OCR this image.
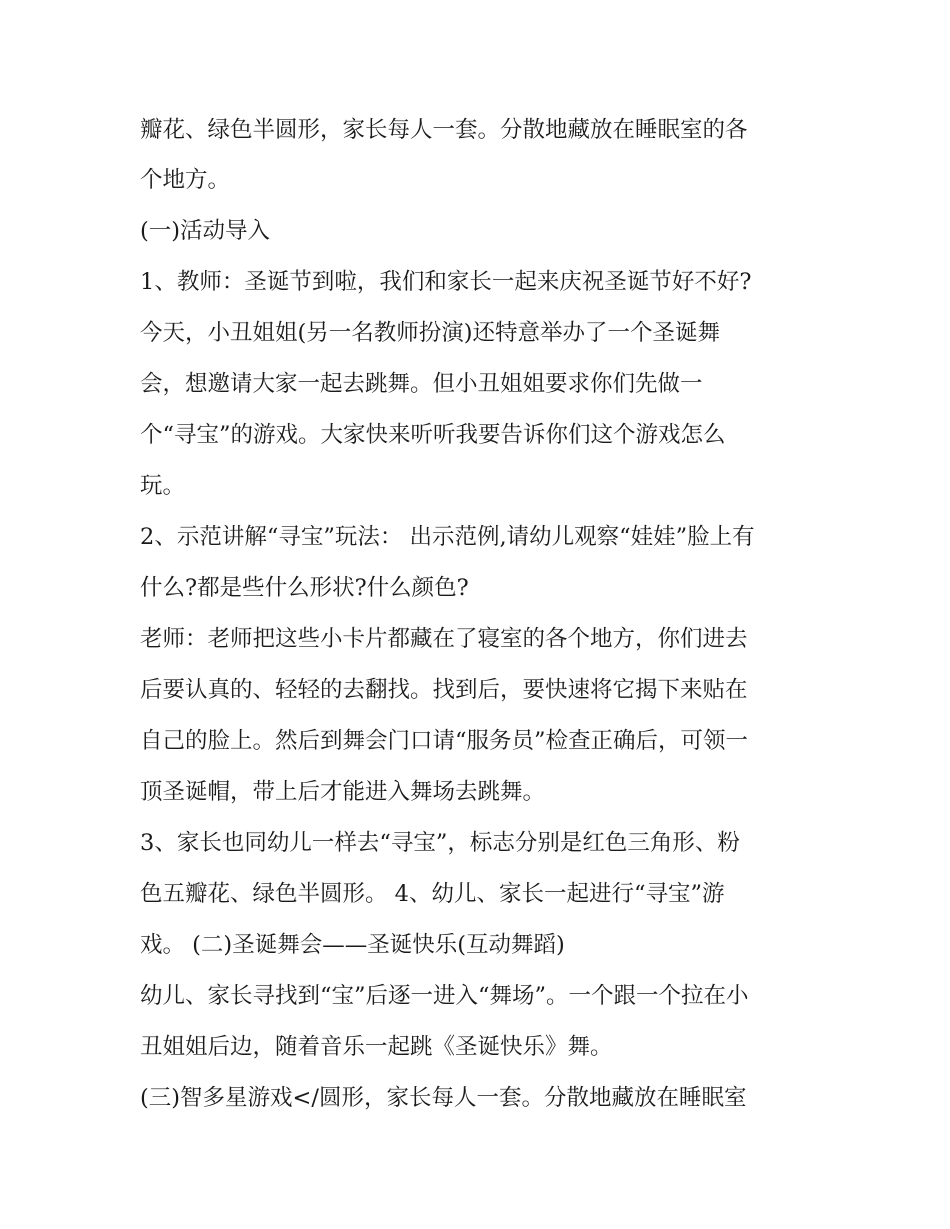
瓣花、绿色半圆形，家长每人一套。分散地藏放在睡眠室的各
个地方。
(一)活动导入
1、教师：圣诞节到啦，我们和家长一起来庆祝圣诞节好不好?
今天，小丑姐姐(另一名教师扮演)还特意举办了一个圣诞舞
会，想邀请大家一起去跳舞。但小丑姐姐要求你们先做一
个“寻宝”的游戏。大家快来听听我要告诉你们这个游戏怎么
玩。
2、示范讲解“寻宝”玩法： 出示范例,请幼儿观察“娃娃”脸上有
什么?都是些什么形状?什么颜色?
老师：老师把这些小卡片都藏在了寝室的各个地方，你们进去
后要认真的、轻轻的去翻找。找到后，要快速将它揭下来贴在
自己的脸上。然后到舞会门口请“服务员”检查正确后，可领一
顶圣诞帽，带上后才能进入舞场去跳舞。
3、家长也同幼儿一样去“寻宝”，标志分别是红色三角形、粉
色五瓣花、绿色半圆形。 4、幼儿、家长一起进行“寻宝”游
戏。 (二)圣诞舞会——圣诞快乐(互动舞蹈)
幼儿、家长寻找到“宝”后逐一进入“舞场”。一个跟一个拉在小
丑姐姐后边，随着音乐一起跳《圣诞快乐》舞。
(三)智多星游戏</圆形，家长每人一套。分散地藏放在睡眠室
